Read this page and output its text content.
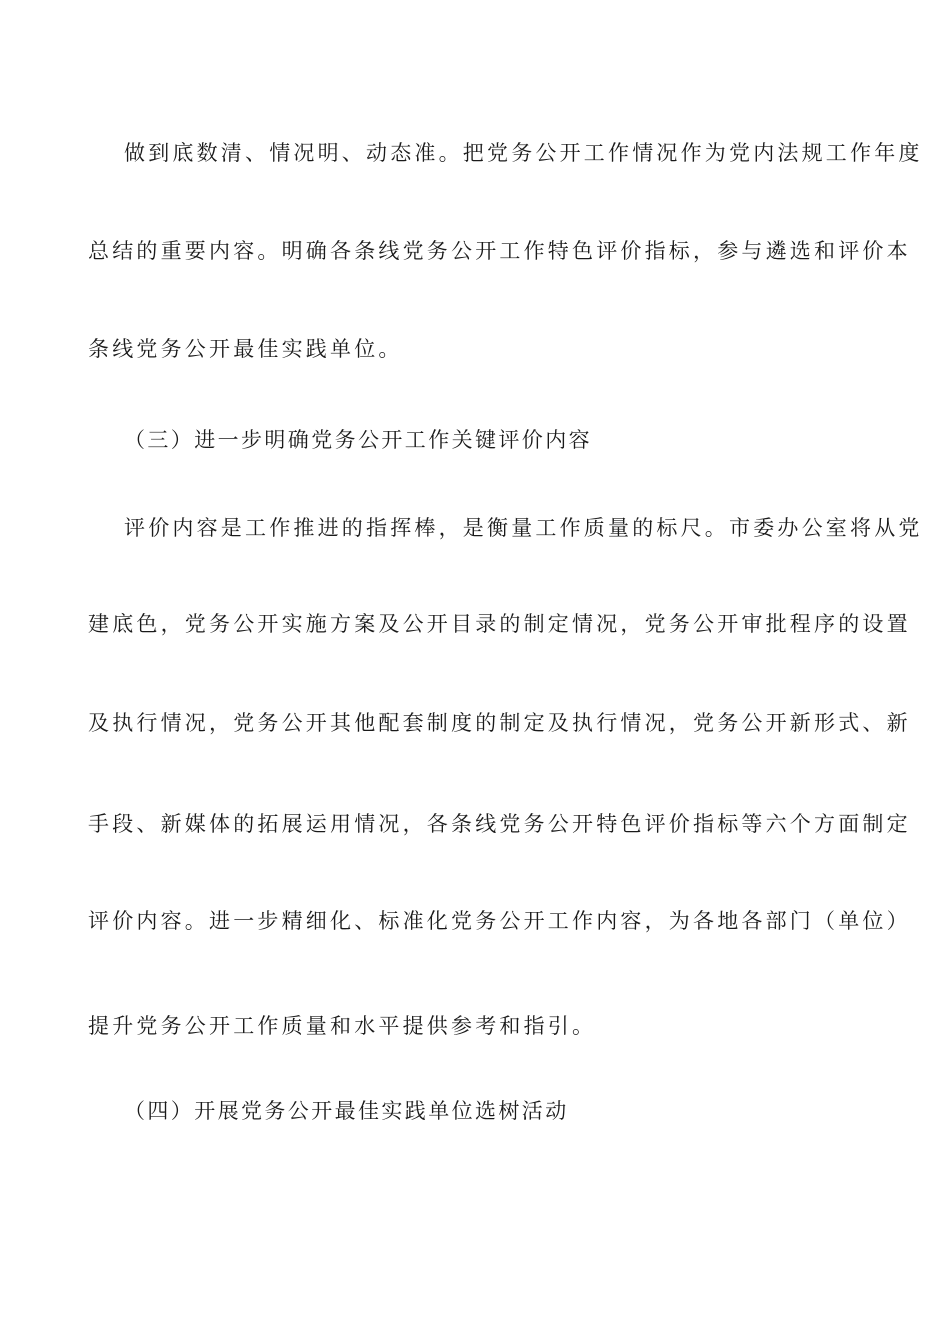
做到底数清、情况明、动态准。把党务公开工作情况作为党内法规工作年度
总结的重要内容。明确各条线党务公开工作特色评价指标，参与遴选和评价本
条线党务公开最佳实践单位。
（三）进一步明确党务公开工作关键评价内容
评价内容是工作推进的指挥棒，是衡量工作质量的标尺。市委办公室将从党
建底色，党务公开实施方案及公开目录的制定情况，党务公开审批程序的设置
及执行情况，党务公开其他配套制度的制定及执行情况，党务公开新形式、新
手段、新媒体的拓展运用情况，各条线党务公开特色评价指标等六个方面制定
评价内容。进一步精细化、标准化党务公开工作内容，为各地各部门（单位）
提升党务公开工作质量和水平提供参考和指引。
（四）开展党务公开最佳实践单位选树活动
